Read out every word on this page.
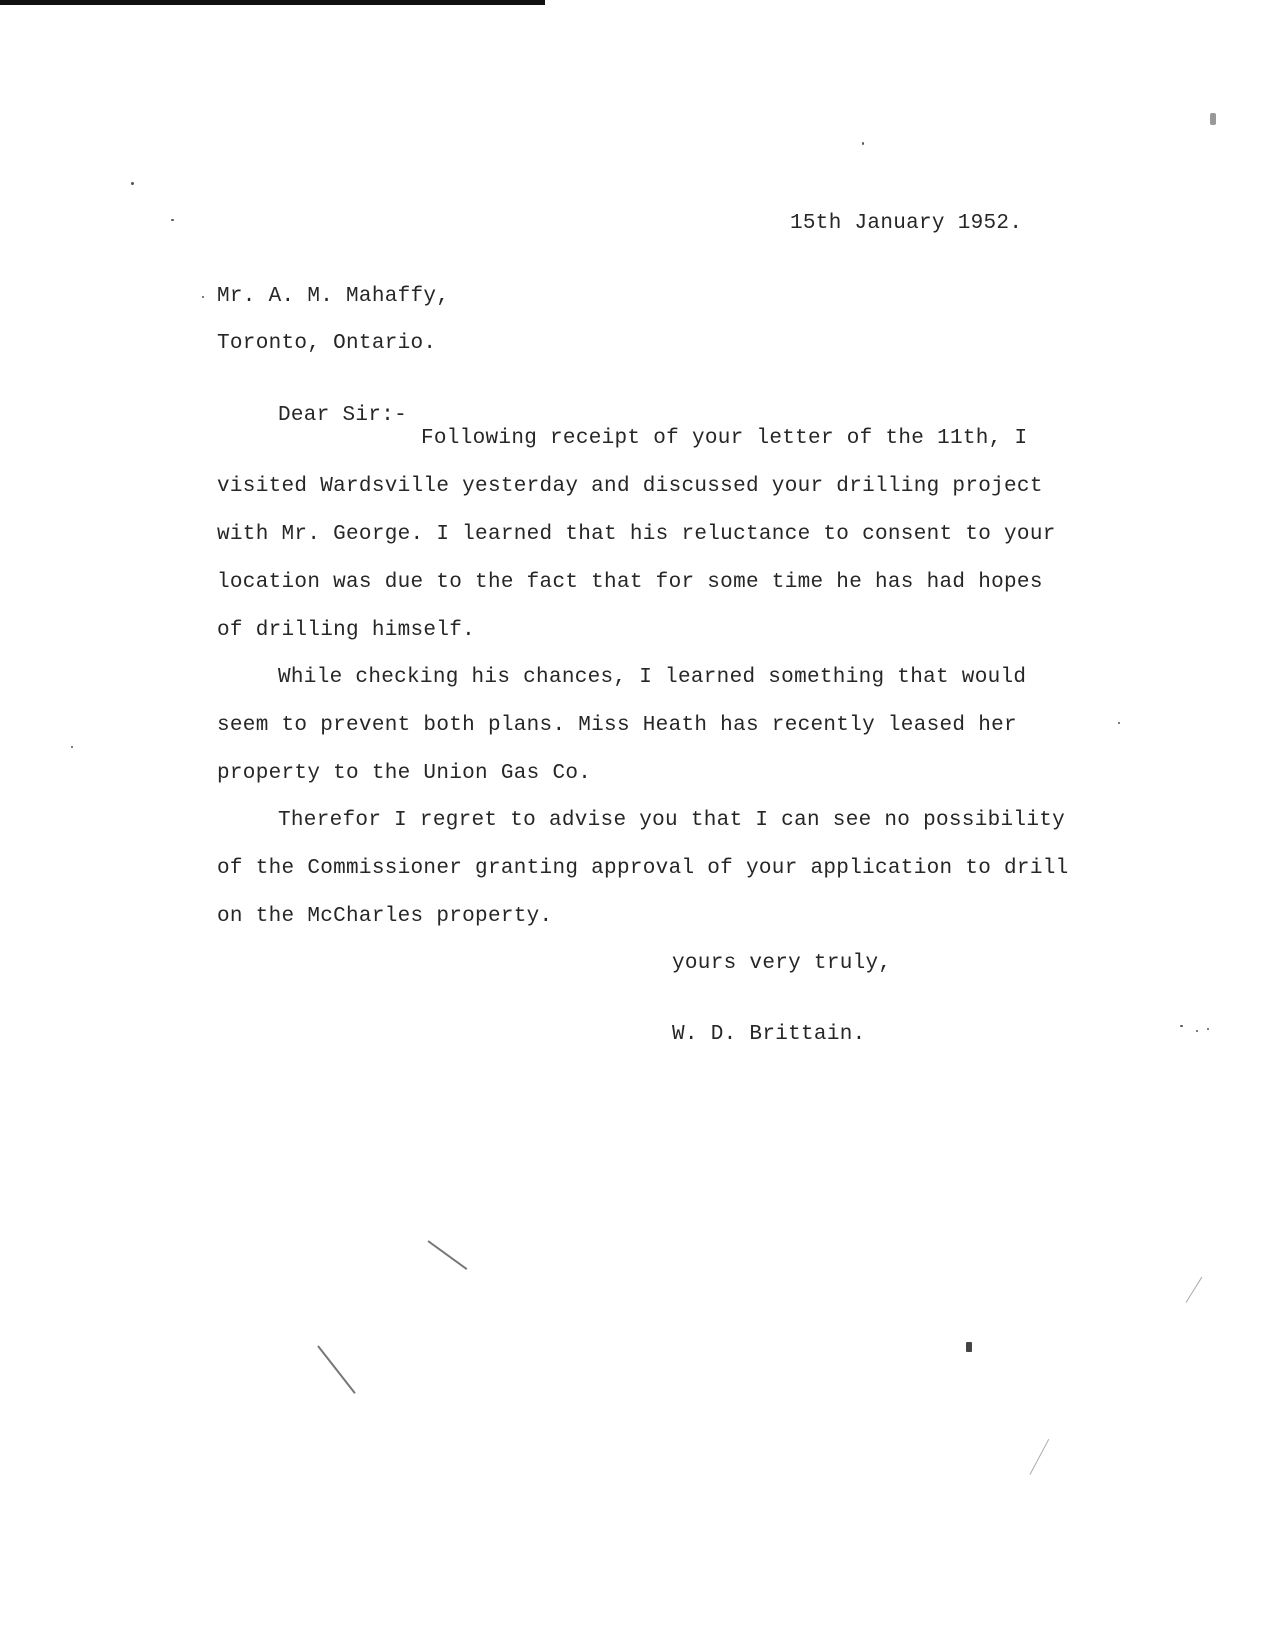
15th January 1952.
Mr. A. M. Mahaffy,
Toronto, Ontario.
Dear Sir:-
Following receipt of your letter of the 11th, I
visited Wardsville yesterday and discussed your drilling project
with Mr. George. I learned that his reluctance to consent to your
location was due to the fact that for some time he has had hopes
of drilling himself.
While checking his chances, I learned something that would
seem to prevent both plans. Miss Heath has recently leased her
property to the Union Gas Co.
Therefor I regret to advise you that I can see no possibility
of the Commissioner granting approval of your application to drill
on the McCharles property.
yours very truly,
W. D. Brittain.
